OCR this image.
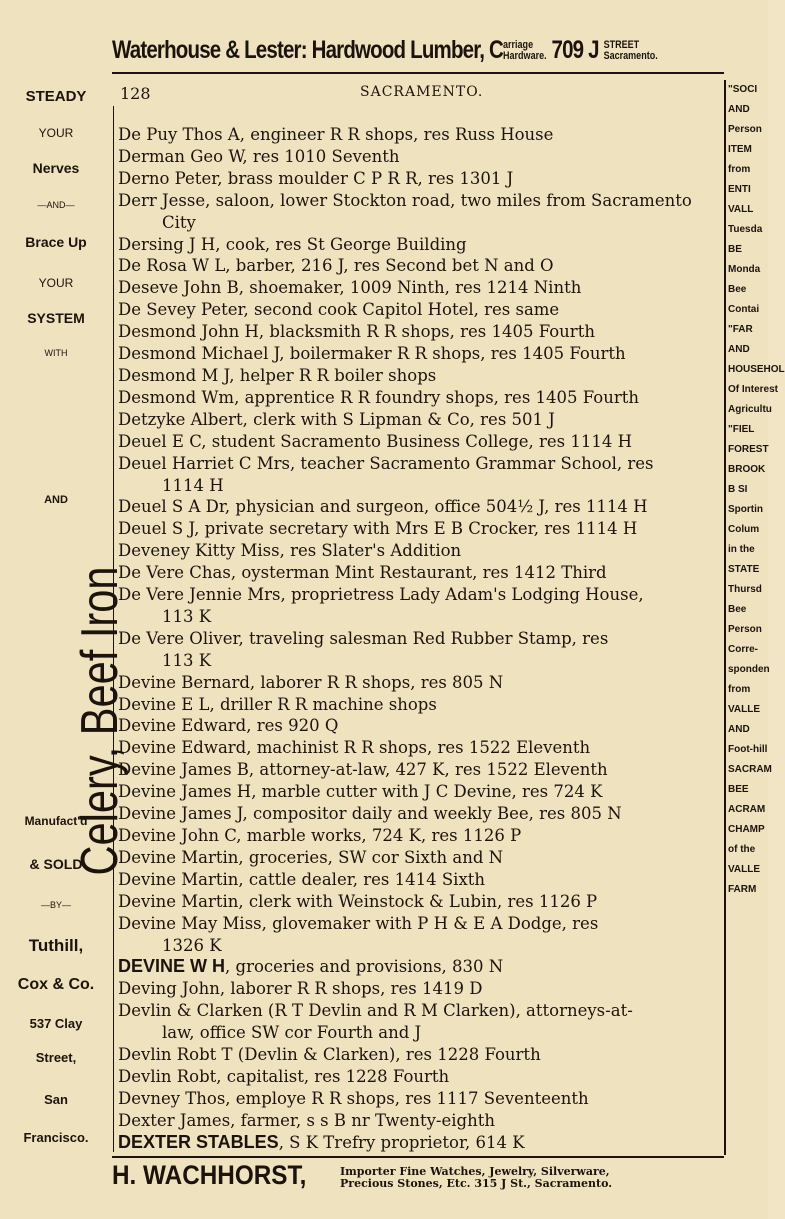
Waterhouse & Lester: Hardwood Lumber, Carriage
Hardware. 709 J STREET
Sacramento.
128	SACRAMENTO.
STEADY
YOUR
Nerves
—AND—
Brace Up
YOUR
SYSTEM
WITH
AND
Celery, Beef Iron
Manufact'd
& SOLD
—BY—
Tuthill,
Cox & Co.
537 Clay
Street,
San
Francisco.
De Puy Thos A, engineer R R shops, res Russ House
Derman Geo W, res 1010 Seventh
Derno Peter, brass moulder C P R R, res 1301 J
Derr Jesse, saloon, lower Stockton road, two miles from Sacramento
City
Dersing J H, cook, res St George Building
De Rosa W L, barber, 216 J, res Second bet N and O
Deseve John B, shoemaker, 1009 Ninth, res 1214 Ninth
De Sevey Peter, second cook Capitol Hotel, res same
Desmond John H, blacksmith R R shops, res 1405 Fourth
Desmond Michael J, boilermaker R R shops, res 1405 Fourth
Desmond M J, helper R R boiler shops
Desmond Wm, apprentice R R foundry shops, res 1405 Fourth
Detzyke Albert, clerk with S Lipman & Co, res 501 J
Deuel E C, student Sacramento Business College, res 1114 H
Deuel Harriet C Mrs, teacher Sacramento Grammar School, res
1114 H
Deuel S A Dr, physician and surgeon, office 504½ J, res 1114 H
Deuel S J, private secretary with Mrs E B Crocker, res 1114 H
Deveney Kitty Miss, res Slater's Addition
De Vere Chas, oysterman Mint Restaurant, res 1412 Third
De Vere Jennie Mrs, proprietress Lady Adam's Lodging House,
113 K
De Vere Oliver, traveling salesman Red Rubber Stamp, res
113 K
Devine Bernard, laborer R R shops, res 805 N
Devine E L, driller R R machine shops
Devine Edward, res 920 Q
Devine Edward, machinist R R shops, res 1522 Eleventh
Devine James B, attorney-at-law, 427 K, res 1522 Eleventh
Devine James H, marble cutter with J C Devine, res 724 K
Devine James J, compositor daily and weekly Bee, res 805 N
Devine John C, marble works, 724 K, res 1126 P
Devine Martin, groceries, SW cor Sixth and N
Devine Martin, cattle dealer, res 1414 Sixth
Devine Martin, clerk with Weinstock & Lubin, res 1126 P
Devine May Miss, glovemaker with P H & E A Dodge, res
1326 K
DEVINE W H, groceries and provisions, 830 N
Deving John, laborer R R shops, res 1419 D
Devlin & Clarken (R T Devlin and R M Clarken), attorneys-at-
law, office SW cor Fourth and J
Devlin Robt T (Devlin & Clarken), res 1228 Fourth
Devlin Robt, capitalist, res 1228 Fourth
Devney Thos, employe R R shops, res 1117 Seventeenth
Dexter James, farmer, s s B nr Twenty-eighth
DEXTER STABLES, S K Trefry proprietor, 614 K
H. WACHHORST,	Importer Fine Watches, Jewelry, Silverware,
Precious Stones, Etc. 315 J St., Sacramento.
"SOCI
AND
Person
ITEM
from
ENTI
VALL
Tuesda
BE
Monda
Bee
Contai
"FAR
AND
HOUSEHOL
Of Interest
Agricultu
"FIEL
FOREST
BROOK
B SI
Sportin
Colum
in the
STATE
Thursd
Bee
Person
Corre-
sponden
from
VALLE
AND
Foot-hill
SACRAM
BEE
ACRAM
CHAMP
of the
VALLE
FARM
